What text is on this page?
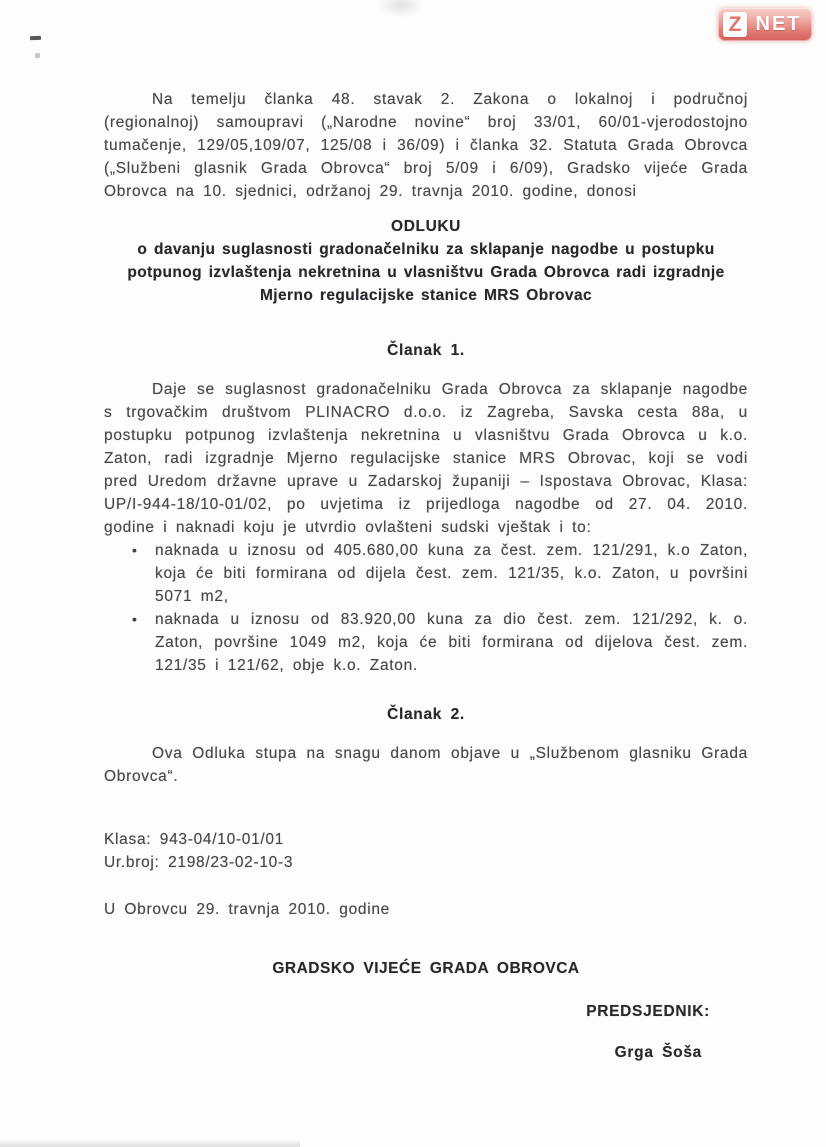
Z NET

Na temelju članka 48. stavak 2. Zakona o lokalnoj i područnoj (regionalnoj) samoupravi („Narodne novine“ broj 33/01, 60/01-vjerodostojno tumačenje, 129/05,109/07, 125/08 i 36/09) i članka 32. Statuta Grada Obrovca („Službeni glasnik Grada Obrovca“ broj 5/09 i 6/09), Gradsko vijeće Grada Obrovca na 10. sjednici, održanoj 29. travnja 2010. godine, donosi

ODLUKU
o davanju suglasnosti gradonačelniku za sklapanje nagodbe u postupku potpunog izvlaštenja nekretnina u vlasništvu Grada Obrovca radi izgradnje Mjerno regulacijske stanice MRS Obrovac
Članak 1.

Daje se suglasnost gradonačelniku Grada Obrovca za sklapanje nagodbe s trgovačkim društvom PLINACRO d.o.o. iz Zagreba, Savska cesta 88a, u postupku potpunog izvlaštenja nekretnina u vlasništvu Grada Obrovca u k.o. Zaton, radi izgradnje Mjerno regulacijske stanice MRS Obrovac, koji se vodi pred Uredom državne uprave u Zadarskoj županiji – Ispostava Obrovac, Klasa: UP/I-944-18/10-01/02, po uvjetima iz prijedloga nagodbe od 27. 04. 2010. godine i naknadi koju je utvrdio ovlašteni sudski vještak i to:

• naknada u iznosu od 405.680,00 kuna za čest. zem. 121/291, k.o Zaton, koja će biti formirana od dijela čest. zem. 121/35, k.o. Zaton, u površini 5071 m2,
• naknada u iznosu od 83.920,00 kuna za dio čest. zem. 121/292, k. o. Zaton, površine 1049 m2, koja će biti formirana od dijelova čest. zem. 121/35 i 121/62, obje k.o. Zaton.
Članak 2.

Ova Odluka stupa na snagu danom objave u „Službenom glasniku Grada Obrovca“.

Klasa: 943-04/10-01/01
Ur.broj: 2198/23-02-10-3
U Obrovcu 29. travnja 2010. godine
GRADSKO VIJEĆE GRADA OBROVCA
PREDSJEDNIK:
Grga Šoša
